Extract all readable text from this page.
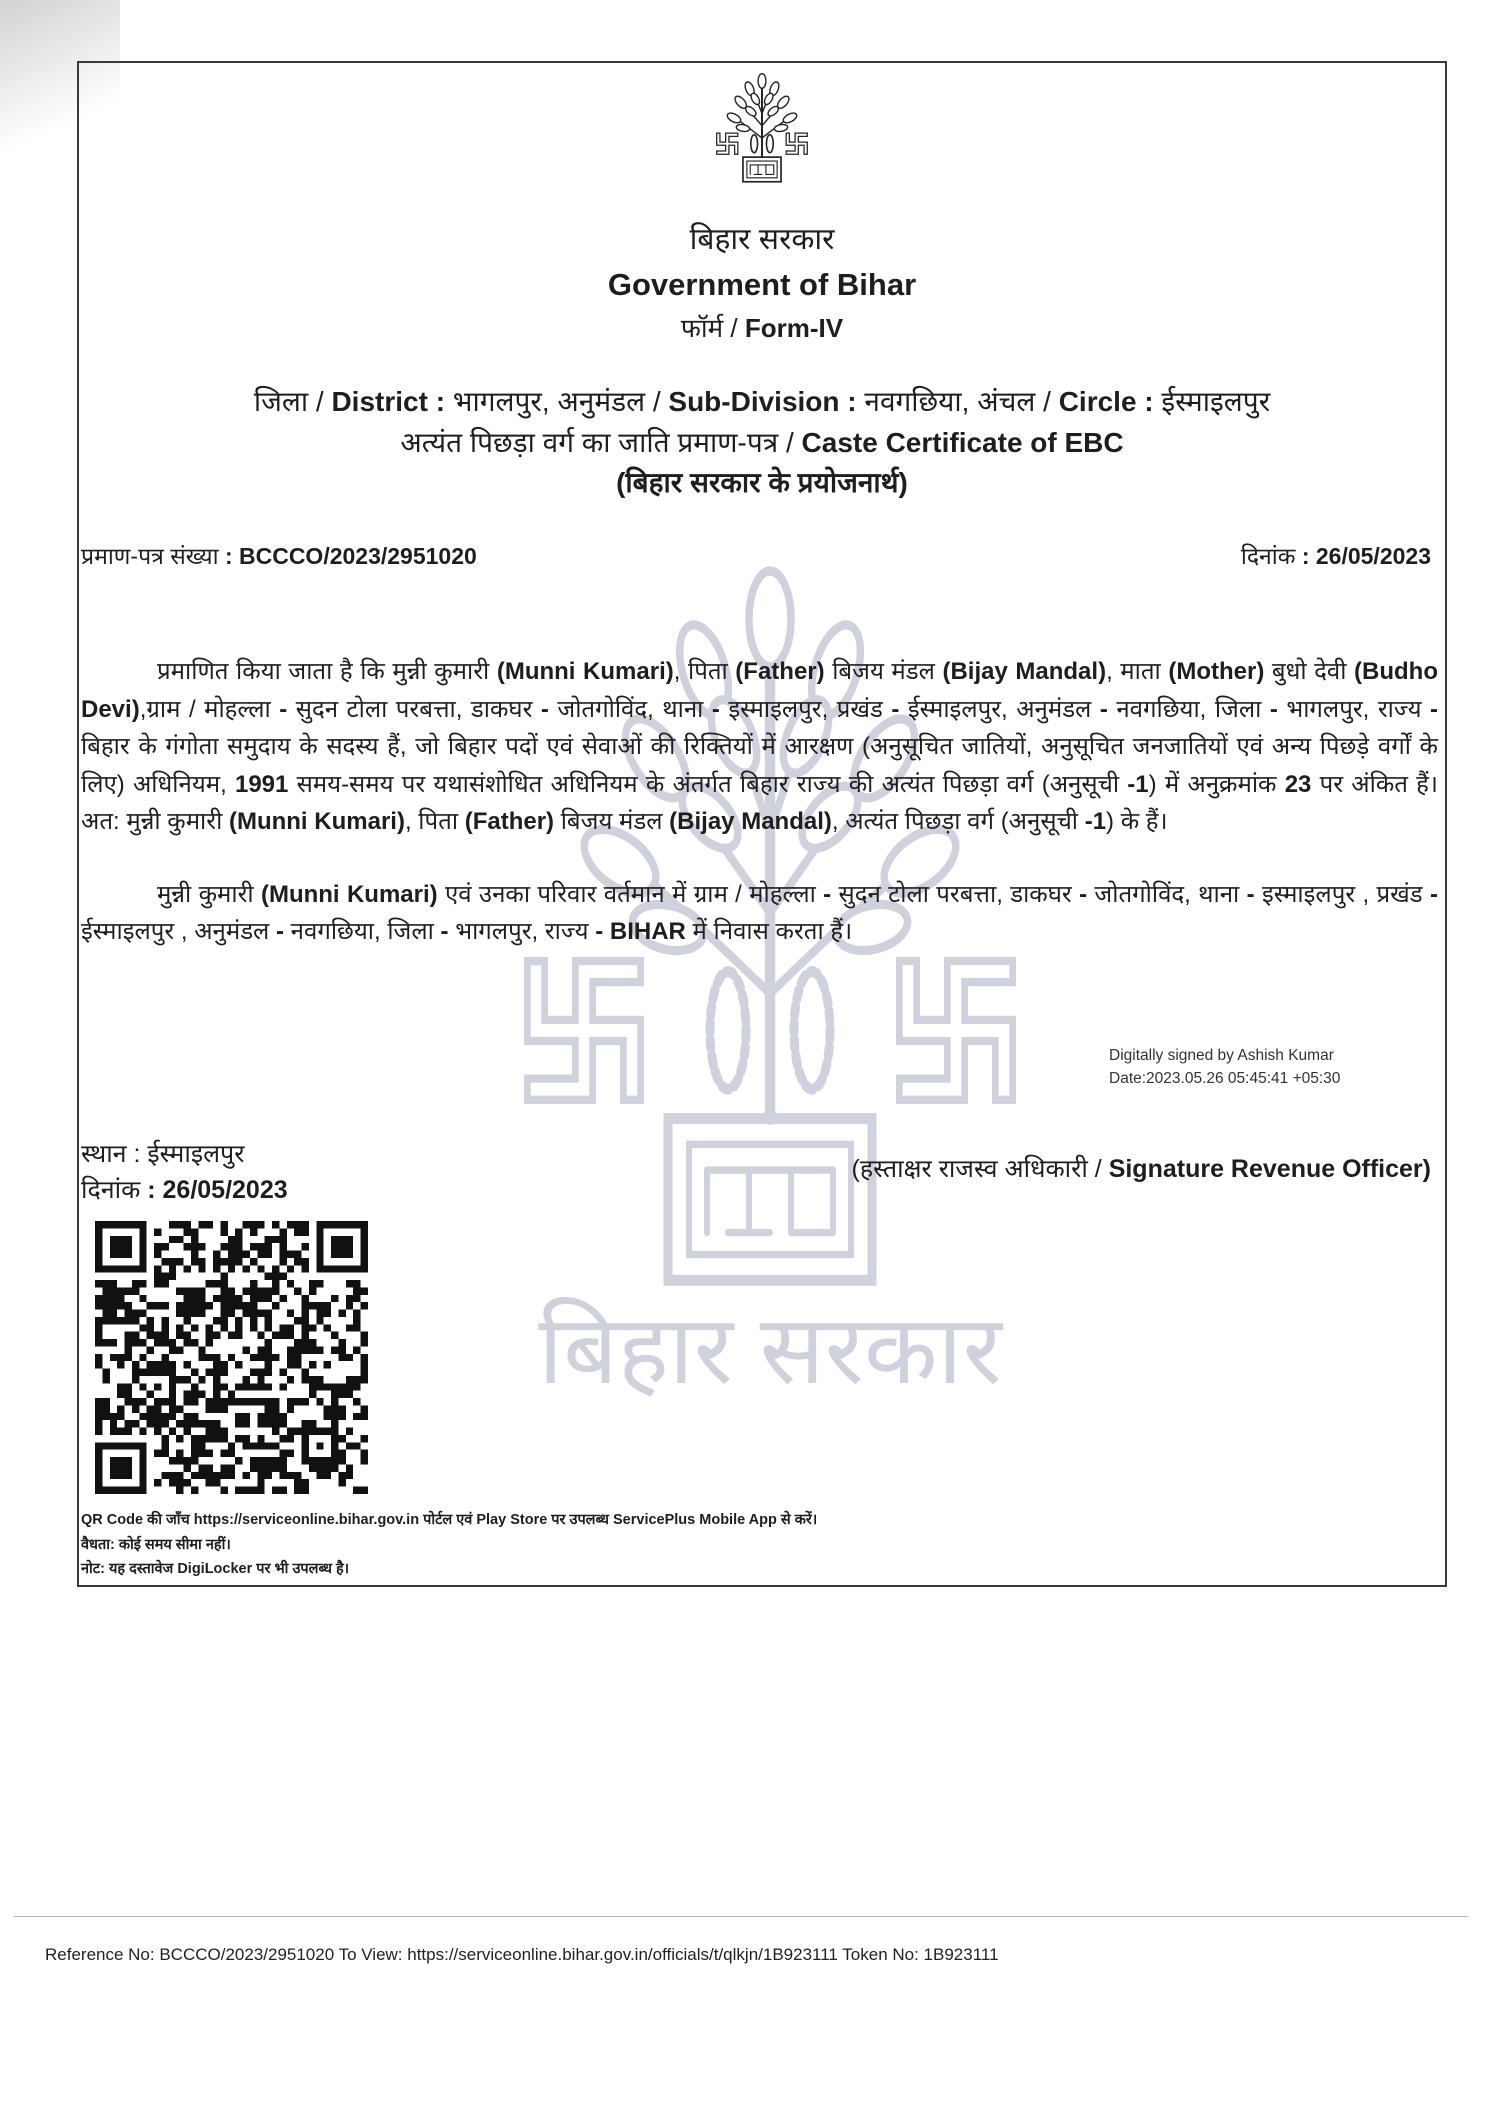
बिहार सरकार
बिहार सरकार
Government of Bihar
फॉर्म / Form-IV
जिला / District : भागलपुर, अनुमंडल / Sub-Division : नवगछिया, अंचल / Circle : ईस्माइलपुर
अत्यंत पिछड़ा वर्ग का जाति प्रमाण-पत्र / Caste Certificate of EBC
(बिहार सरकार के प्रयोजनार्थ)
प्रमाण-पत्र संख्या : BCCCO/2023/2951020	दिनांक : 26/05/2023

प्रमाणित किया जाता है कि मुन्नी कुमारी (Munni Kumari), पिता (Father) बिजय मंडल (Bijay Mandal), माता (Mother) बुधो देवी (Budho Devi),ग्राम / मोहल्ला - सुदन टोला परबत्ता, डाकघर - जोतगोविंद, थाना - इस्माइलपुर, प्रखंड - ईस्माइलपुर, अनुमंडल - नवगछिया, जिला - भागलपुर, राज्य - बिहार के गंगोता समुदाय के सदस्य हैं, जो बिहार पदों एवं सेवाओं की रिक्तियों में आरक्षण (अनुसूचित जातियों, अनुसूचित जनजातियों एवं अन्य पिछड़े वर्गों के लिए) अधिनियम, 1991 समय-समय पर यथासंशोधित अधिनियम के अंतर्गत बिहार राज्य की अत्यंत पिछड़ा वर्ग (अनुसूची -1) में अनुक्रमांक 23 पर अंकित हैं। अत: मुन्नी कुमारी (Munni Kumari), पिता (Father) बिजय मंडल (Bijay Mandal), अत्यंत पिछड़ा वर्ग (अनुसूची -1) के हैं।

मुन्नी कुमारी (Munni Kumari) एवं उनका परिवार वर्तमान में ग्राम / मोहल्ला - सुदन टोला परबत्ता, डाकघर - जोतगोविंद, थाना - इस्माइलपुर , प्रखंड - ईस्माइलपुर , अनुमंडल - नवगछिया, जिला - भागलपुर, राज्य - BIHAR में निवास करता हैं।

Digitally signed by Ashish Kumar
Date:2023.05.26 05:45:41 +05:30
स्थान : ईस्माइलपुर
दिनांक : 26/05/2023
(हस्ताक्षर राजस्व अधिकारी / Signature Revenue Officer)
QR Code की जाँच https://serviceonline.bihar.gov.in पोर्टल एवं Play Store पर उपलब्ध ServicePlus Mobile App से करें।
वैधता: कोई समय सीमा नहीं।
नोट: यह दस्तावेज DigiLocker पर भी उपलब्ध है।
Reference No: BCCCO/2023/2951020 To View: https://serviceonline.bihar.gov.in/officials/t/qlkjn/1B923111 Token No: 1B923111
